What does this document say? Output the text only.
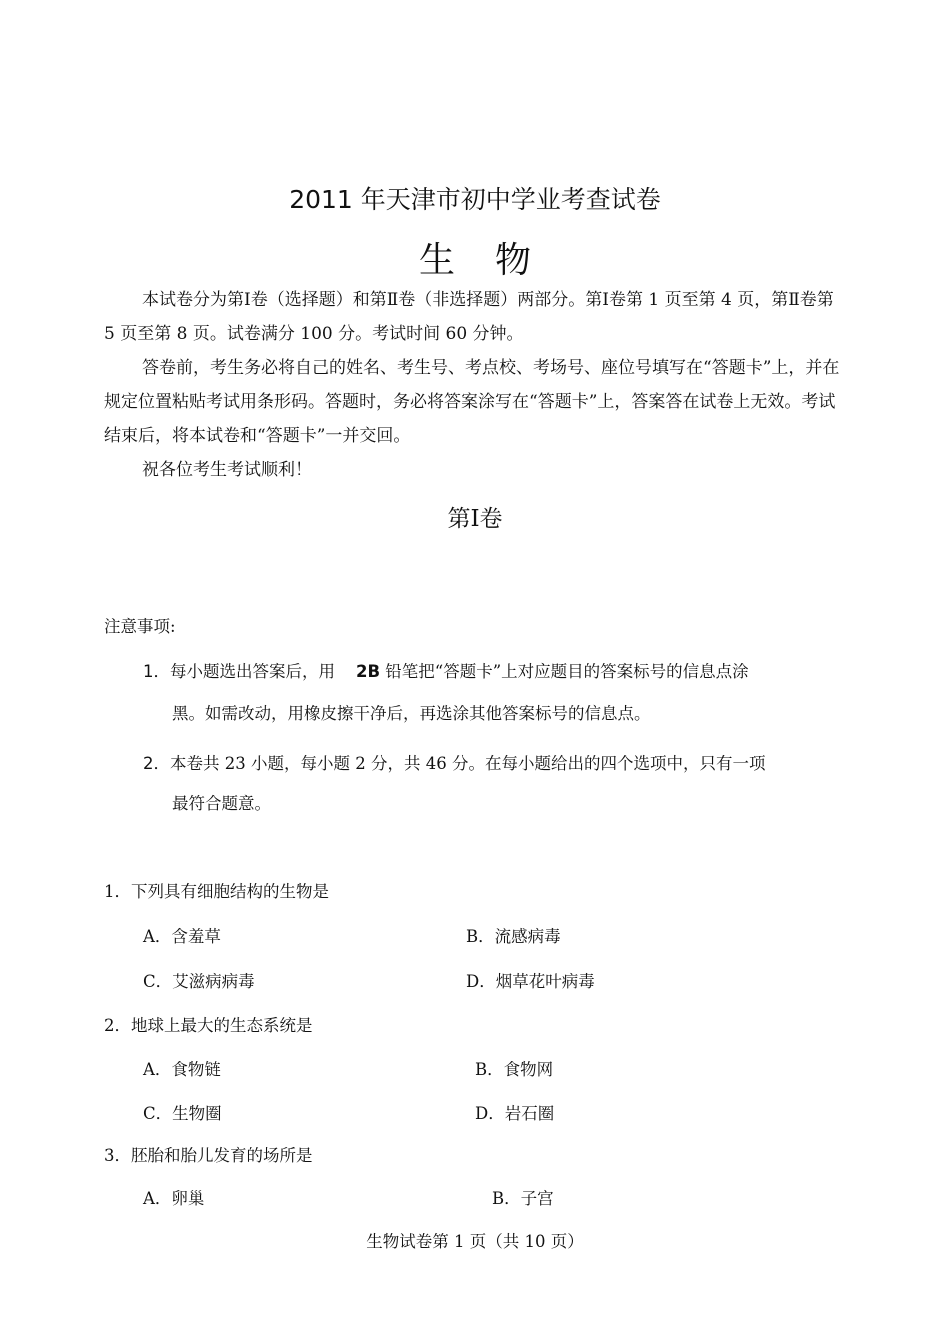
2011 年天津市初中学业考查试卷
生物

本试卷分为第Ⅰ卷（选择题）和第Ⅱ卷（非选择题）两部分。第Ⅰ卷第 1 页至第 4 页，第Ⅱ卷第 5 页至第 8 页。试卷满分 100 分。考试时间 60 分钟。

答卷前，考生务必将自己的姓名、考生号、考点校、考场号、座位号填写在“答题卡”上，并在规定位置粘贴考试用条形码。答题时，务必将答案涂写在“答题卡”上，答案答在试卷上无效。考试结束后，将本试卷和“答题卡”一并交回。

祝各位考生考试顺利！

第Ⅰ卷
注意事项:
1．每小题选出答案后，用 2B 铅笔把“答题卡”上对应题目的答案标号的信息点涂
黑。如需改动，用橡皮擦干净后，再选涂其他答案标号的信息点。
2．本卷共 23 小题，每小题 2 分，共 46 分。在每小题给出的四个选项中，只有一项
最符合题意。
1．下列具有细胞结构的生物是
A．含羞草	B．流感病毒
C．艾滋病病毒	D．烟草花叶病毒
2．地球上最大的生态系统是
A．食物链	B．食物网
C．生物圈	D．岩石圈
3．胚胎和胎儿发育的场所是
A．卵巢	B．子宫
生物试卷第 1 页（共 10 页）
